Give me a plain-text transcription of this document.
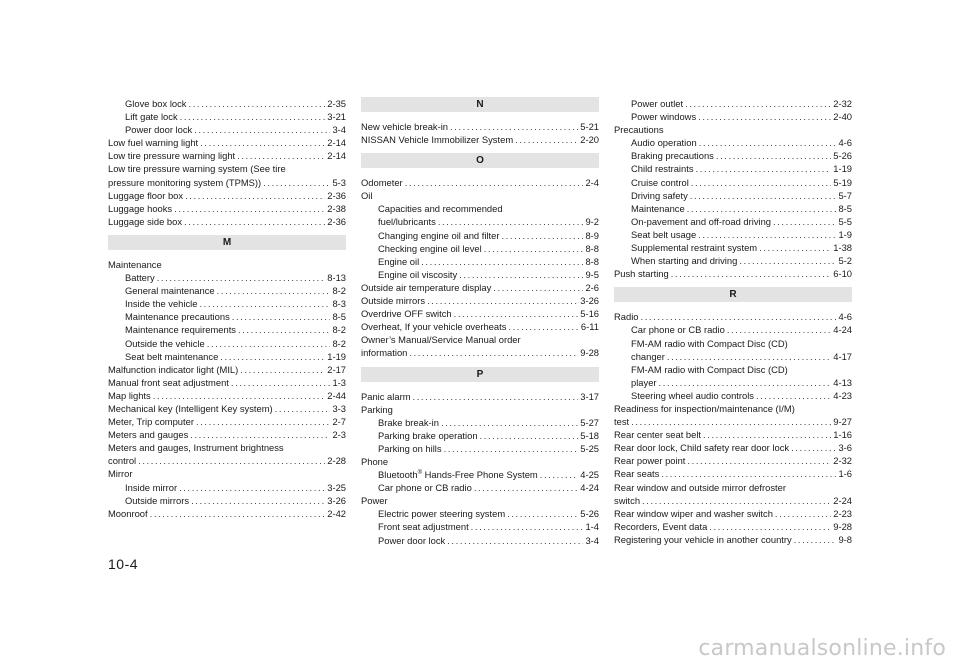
Glove box lock . . .	2-35
Lift gate lock . . .	3-21
Power door lock . . .	3-4
Low fuel warning light . . .	2-14
Low tire pressure warning light . . .	2-14
Low tire pressure warning system (See tire
pressure monitoring system (TPMS)) . . .	5-3
Luggage floor box . . .	2-36
Luggage hooks . . .	2-38
Luggage side box . . .	2-36
M
Maintenance
Battery . . .	8-13
General maintenance . . .	8-2
Inside the vehicle . . .	8-3
Maintenance precautions . . .	8-5
Maintenance requirements . . .	8-2
Outside the vehicle . . .	8-2
Seat belt maintenance . . .	1-19
Malfunction indicator light (MIL) . . .	2-17
Manual front seat adjustment . . .	1-3
Map lights . . .	2-44
Mechanical key (Intelligent Key system) . . .	3-3
Meter, Trip computer . . .	2-7
Meters and gauges . . .	2-3
Meters and gauges, Instrument brightness
control . . .	2-28
Mirror
Inside mirror . . .	3-25
Outside mirrors . . .	3-26
Moonroof . . .	2-42
N
New vehicle break-in . . .	5-21
NISSAN Vehicle Immobilizer System . . .	2-20
O
Odometer . . .	2-4
Oil
Capacities and recommended
fuel/lubricants . . .	9-2
Changing engine oil and filter . . .	8-9
Checking engine oil level . . .	8-8
Engine oil . . .	8-8
Engine oil viscosity . . .	9-5
Outside air temperature display . . .	2-6
Outside mirrors . . .	3-26
Overdrive OFF switch . . .	5-16
Overheat, If your vehicle overheats . . .	6-11
Owner’s Manual/Service Manual order
information . . .	9-28
P
Panic alarm . . .	3-17
Parking
Brake break-in . . .	5-27
Parking brake operation . . .	5-18
Parking on hills . . .	5-25
Phone
Bluetooth® Hands-Free Phone System . . .	4-25
Car phone or CB radio . . .	4-24
Power
Electric power steering system . . .	5-26
Front seat adjustment . . .	1-4
Power door lock . . .	3-4
Power outlet . . .	2-32
Power windows . . .	2-40
Precautions
Audio operation . . .	4-6
Braking precautions . . .	5-26
Child restraints . . .	1-19
Cruise control . . .	5-19
Driving safety . . .	5-7
Maintenance . . .	8-5
On-pavement and off-road driving . . .	5-5
Seat belt usage . . .	1-9
Supplemental restraint system . . .	1-38
When starting and driving . . .	5-2
Push starting . . .	6-10
R
Radio . . .	4-6
Car phone or CB radio . . .	4-24
FM-AM radio with Compact Disc (CD)
changer . . .	4-17
FM-AM radio with Compact Disc (CD)
player . . .	4-13
Steering wheel audio controls . . .	4-23
Readiness for inspection/maintenance (I/M)
test . . .	9-27
Rear center seat belt . . .	1-16
Rear door lock, Child safety rear door lock . . .	3-6
Rear power point . . .	2-32
Rear seats . . .	1-6
Rear window and outside mirror defroster
switch . . .	2-24
Rear window wiper and washer switch . . .	2-23
Recorders, Event data . . .	9-28
Registering your vehicle in another country . . .	9-8
10-4
carmanualsonline.info
